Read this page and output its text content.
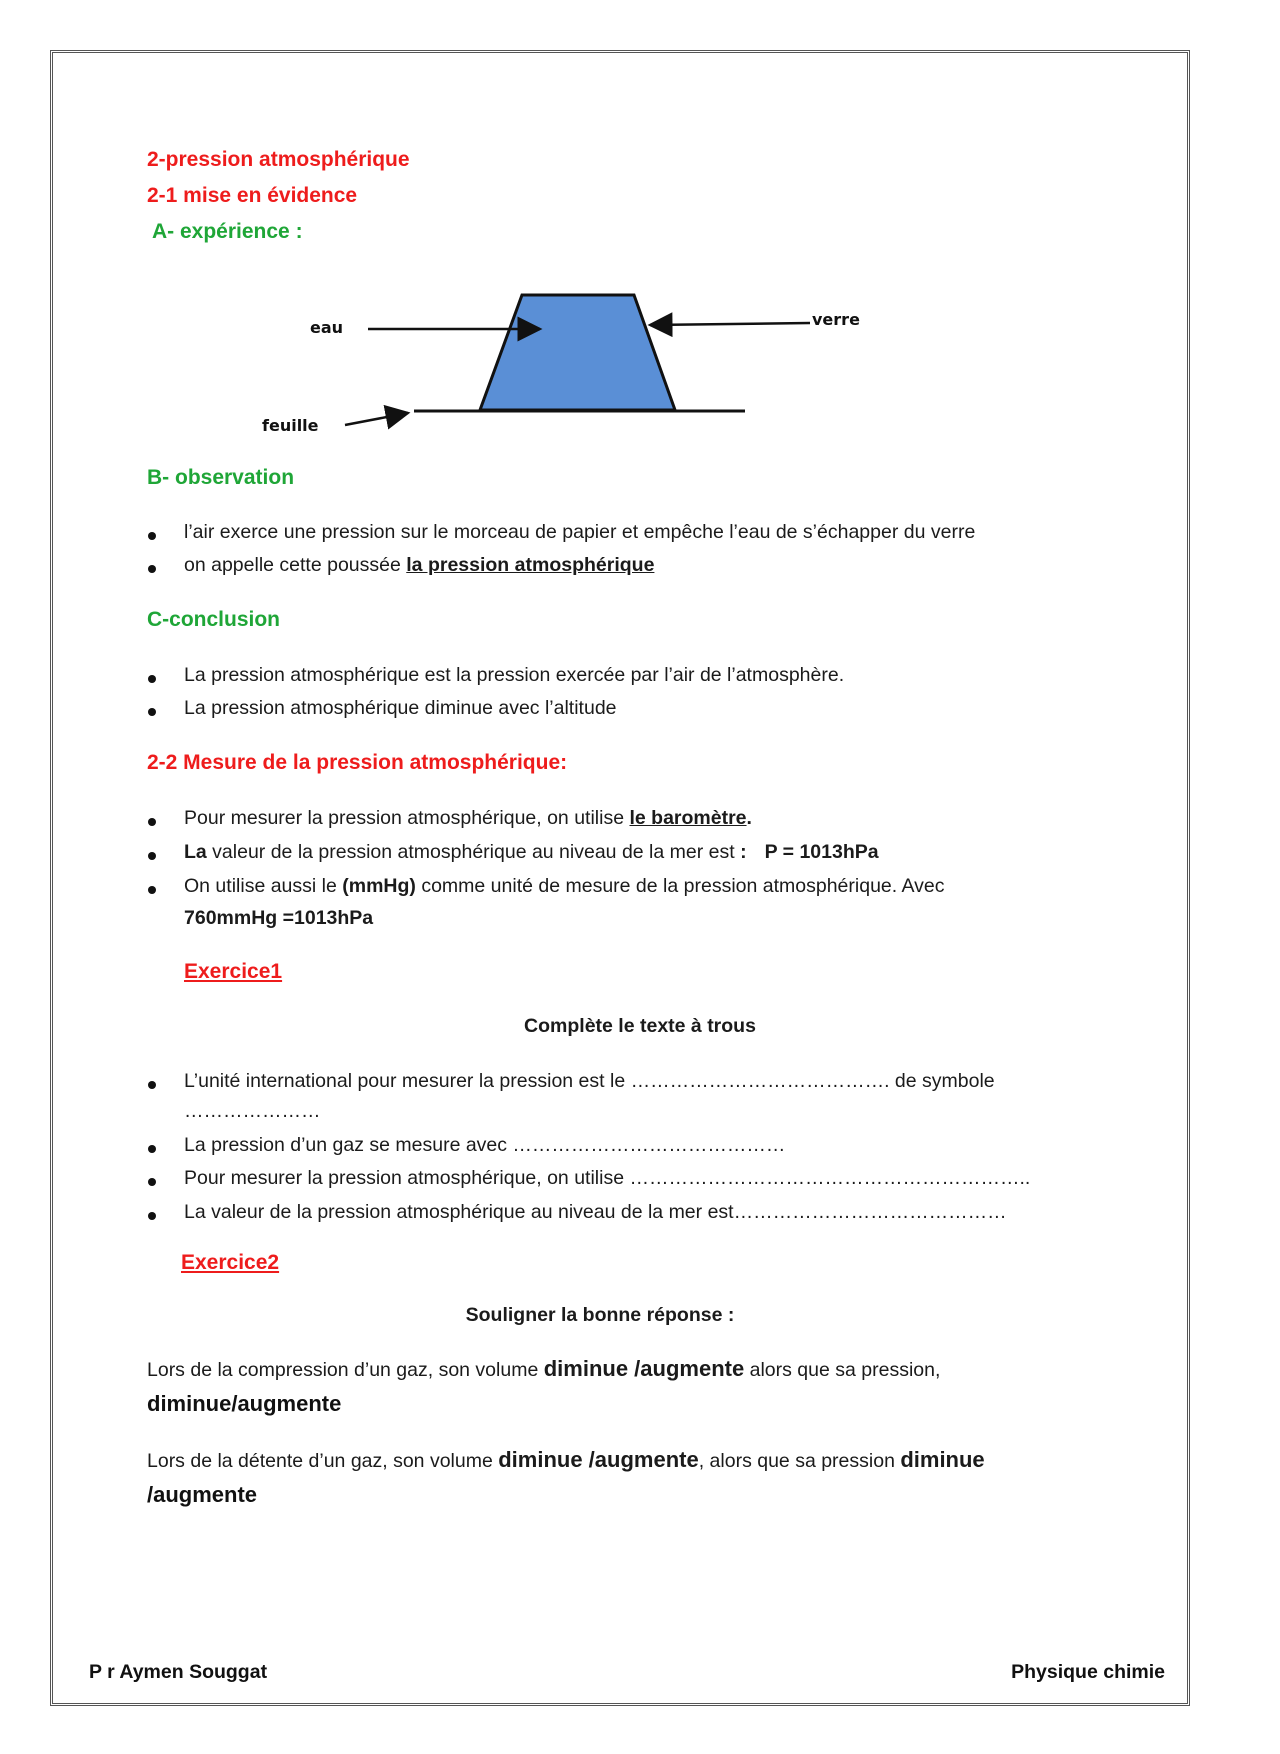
2-pression atmosphérique
2-1 mise en évidence
A- expérience :
eau	verre
feuille
B- observation
l’air exerce une pression sur le morceau de papier et empêche l’eau de s’échapper du verre
on appelle cette poussée la pression atmosphérique
C-conclusion
La pression atmosphérique est la pression exercée par l’air de l’atmosphère.
La pression atmosphérique diminue avec l’altitude
2-2 Mesure de la pression atmosphérique:
Pour mesurer la pression atmosphérique, on utilise le baromètre.
La valeur de la pression atmosphérique au niveau de la mer est : P = 1013hPa
On utilise aussi le (mmHg) comme unité de mesure de la pression atmosphérique. Avec
760mmHg =1013hPa
Exercice1
Complète le texte à trous
L’unité international pour mesurer la pression est le …………………………………. de symbole
…………………
La pression d’un gaz se mesure avec ……………………………………
Pour mesurer la pression atmosphérique, on utilise ……………………………………………………..
La valeur de la pression atmosphérique au niveau de la mer est……………………………………
Exercice2
Souligner la bonne réponse :
Lors de la compression d’un gaz, son volume diminue /augmente alors que sa pression,
diminue/augmente
Lors de la détente d’un gaz, son volume diminue /augmente, alors que sa pression diminue
/augmente
P r Aymen Souggat	Physique chimie
